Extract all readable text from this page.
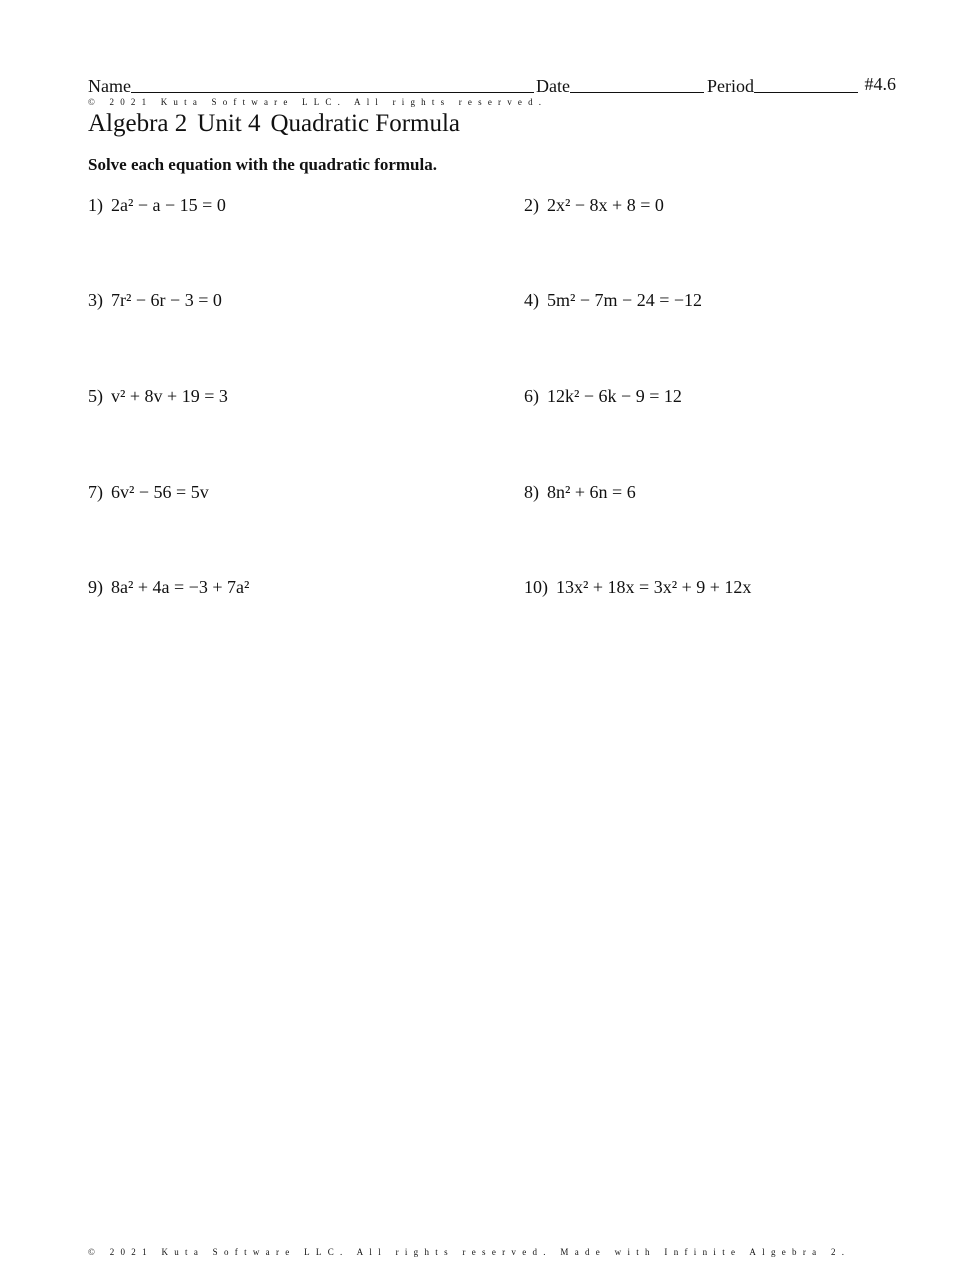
Name	Date	Period	#4.6
© 2021 Kuta Software LLC. All rights reserved.
Algebra 2 Unit 4 Quadratic Formula
Solve each equation with the quadratic formula.
1) 2a² − a − 15 = 0	2) 2x² − 8x + 8 = 0
3) 7r² − 6r − 3 = 0	4) 5m² − 7m − 24 = −12
5) v² + 8v + 19 = 3	6) 12k² − 6k − 9 = 12
7) 6v² − 56 = 5v	8) 8n² + 6n = 6
9) 8a² + 4a = −3 + 7a²	10) 13x² + 18x = 3x² + 9 + 12x
© 2021 Kuta Software LLC. All rights reserved. Made with Infinite Algebra 2.
